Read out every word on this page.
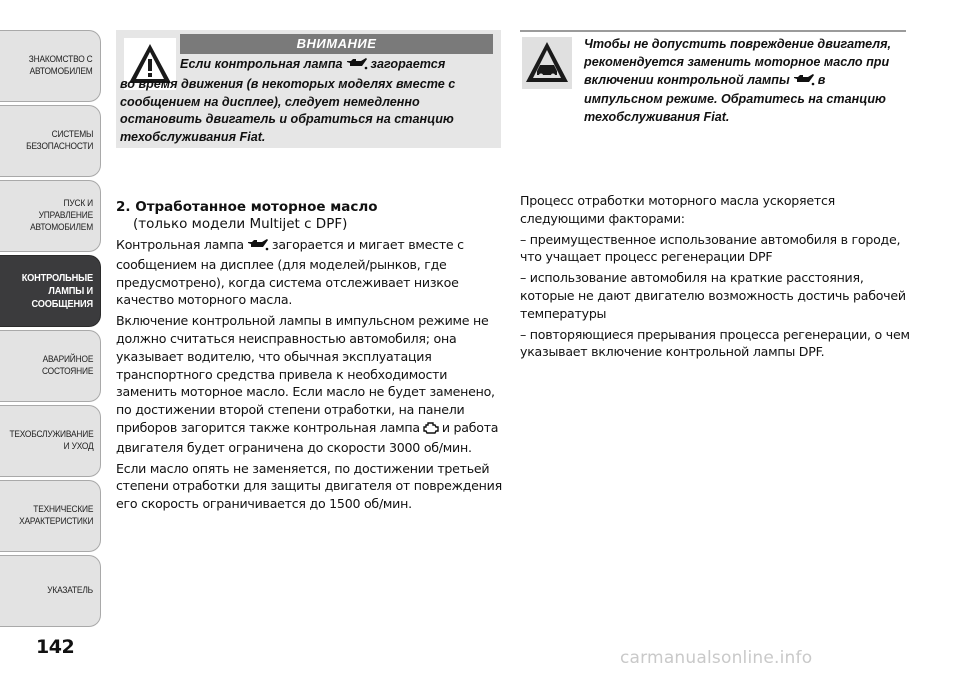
ЗНАКОМСТВО С
АВТОМОБИЛЕМ
СИСТЕМЫ
БЕЗОПАСНОСТИ
ПУСК И УПРАВЛЕНИЕ
АВТОМОБИЛЕМ
КОНТРОЛЬНЫЕ
ЛАМПЫ И
СООБЩЕНИЯ
АВАРИЙНОЕ
СОСТОЯНИЕ
ТЕХОБСЛУЖИВАНИЕ
И УХОД
ТЕХНИЧЕСКИЕ
ХАРАКТЕРИСТИКИ
УКАЗАТЕЛЬ
142
ВНИМАНИЕ
Если контрольная лампа загорается
во время движения (в некоторых моделях вместе с сообщением на дисплее), следует немедленно остановить двигатель и обратиться на станцию техобслуживания Fiat.
Чтобы не допустить повреждение двигателя, рекомендуется заменить моторное масло при включении контрольной лампы в импульсном режиме. Обратитесь на станцию техобслуживания Fiat.
2. Отработанное моторное масло
(только модели Multijet с DPF)

Контрольная лампа загорается и мигает вместе с сообщением на дисплее (для моделей/рынков, где предусмотрено), когда система отслеживает низкое качество моторного масла.

Включение контрольной лампы в импульсном режиме не должно считаться неисправностью автомобиля; она указывает водителю, что обычная эксплуатация транспортного средства привела к необходимости заменить моторное масло. Если масло не будет заменено, по достижении второй степени отработки, на панели приборов загорится также контрольная лампа и работа двигателя будет ограничена до скорости 3000 об/мин.

Если масло опять не заменяется, по достижении третьей степени отработки для защиты двигателя от повреждения его скорость ограничивается до 1500 об/мин.

Процесс отработки моторного масла ускоряется следующими факторами:

– преимущественное использование автомобиля в городе, что учащает процесс регенерации DPF

– использование автомобиля на краткие расстояния, которые не дают двигателю возможность достичь рабочей температуры

– повторяющиеся прерывания процесса регенерации, о чем указывает включение контрольной лампы DPF.

carmanualsonline.info
